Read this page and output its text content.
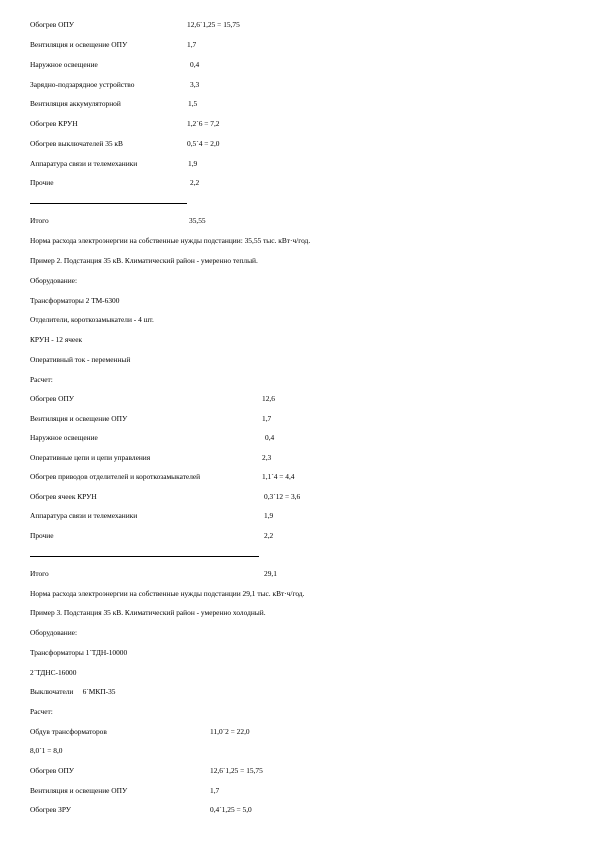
Обогрев ОПУ	12,6´1,25 = 15,75
Вентиляция и освещение ОПУ	1,7
Наружное освещение	0,4
Зарядно-подзарядное устройство	3,3
Вентиляция аккумуляторной	1,5
Обогрев КРУН	1,2´6 = 7,2
Обогрев выключателей 35 кВ	0,5´4 = 2,0
Аппаратура связи и телемеханики	1,9
Прочие	2,2
Итого	35,55
Норма расхода электроэнергии на собственные нужды подстанции: 35,55 тыс. кВт·ч/год.
Пример 2. Подстанция 35 кВ. Климатический район - умеренно теплый.
Оборудование:
Трансформаторы 2 ТМ-6300
Отделители, короткозамыкатели - 4 шт.
КРУН - 12 ячеек
Оперативный ток - переменный
Расчет:
Обогрев ОПУ	12,6
Вентиляция и освещение ОПУ	1,7
Наружное освещение	0,4
Оперативные цепи и цепи управления	2,3
Обогрев приводов отделителей и короткозамыкателей	1,1´4 = 4,4
Обогрев ячеек КРУН	0,3´12 = 3,6
Аппаратура связи и телемеханики	1,9
Прочие	2,2
Итого	29,1
Норма расхода электроэнергии на собственные нужды подстанции 29,1 тыс. кВт·ч/год.
Пример 3. Подстанция 35 кВ. Климатический район - умеренно холодный.
Оборудование:
Трансформаторы 1´ТДН-10000
2´ТДНС-16000
Выключатели     6´МКП-35
Расчет:
Обдув трансформаторов	11,0´2 = 22,0
8,0´1 = 8,0
Обогрев ОПУ	12,6´1,25 = 15,75
Вентиляция и освещение ОПУ	1,7
Обогрев ЗРУ	0,4´1,25 = 5,0
